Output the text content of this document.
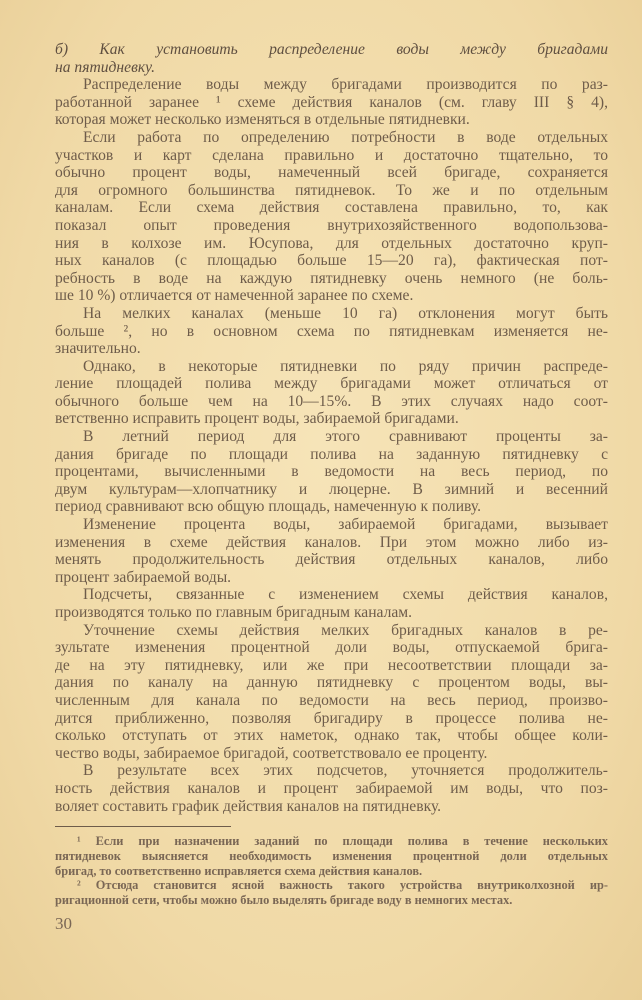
б) Как установить распределение воды между бригадами
на пятидневку.
Распределение воды между бригадами производится по раз-
работанной заранее ¹ схеме действия каналов (см. главу III § 4),
которая может несколько изменяться в отдельные пятидневки.
Если работа по определению потребности в воде отдельных
участков и карт сделана правильно и достаточно тщательно, то
обычно процент воды, намеченный всей бригаде, сохраняется
для огромного большинства пятидневок. То же и по отдельным
каналам. Если схема действия составлена правильно, то, как
показал опыт проведения внутрихозяйственного водопользова-
ния в колхозе им. Юсупова, для отдельных достаточно круп-
ных каналов (с площадью больше 15—20 га), фактическая пот-
ребность в воде на каждую пятидневку очень немного (не боль-
ше 10 %) отличается от намеченной заранее по схеме.
На мелких каналах (меньше 10 га) отклонения могут быть
больше ², но в основном схема по пятидневкам изменяется не-
значительно.
Однако, в некоторые пятидневки по ряду причин распреде-
ление площадей полива между бригадами может отличаться от
обычного больше чем на 10—15%. В этих случаях надо соот-
ветственно исправить процент воды, забираемой бригадами.
В летний период для этого сравнивают проценты за-
дания бригаде по площади полива на заданную пятидневку с
процентами, вычисленными в ведомости на весь период, по
двум культурам—хлопчатнику и люцерне. В зимний и весенний
период сравнивают всю общую площадь, намеченную к поливу.
Изменение процента воды, забираемой бригадами, вызывает
изменения в схеме действия каналов. При этом можно либо из-
менять продолжительность действия отдельных каналов, либо
процент забираемой воды.
Подсчеты, связанные с изменением схемы действия каналов,
производятся только по главным бригадным каналам.
Уточнение схемы действия мелких бригадных каналов в ре-
зультате изменения процентной доли воды, отпускаемой брига-
де на эту пятидневку, или же при несоответствии площади за-
дания по каналу на данную пятидневку с процентом воды, вы-
численным для канала по ведомости на весь период, произво-
дится приближенно, позволяя бригадиру в процессе полива не-
сколько отступать от этих наметок, однако так, чтобы общее коли-
чество воды, забираемое бригадой, соответствовало ее проценту.
В результате всех этих подсчетов, уточняется продолжитель-
ность действия каналов и процент забираемой им воды, что поз-
воляет составить график действия каналов на пятидневку.
¹ Если при назначении заданий по площади полива в течение нескольких
пятидневок выясняется необходимость изменения процентной доли отдельных
бригад, то соответственно исправляется схема действия каналов.
² Отсюда становится ясной важность такого устройства внутриколхозной ир-
ригационной сети, чтобы можно было выделять бригаде воду в немногих местах.
30
